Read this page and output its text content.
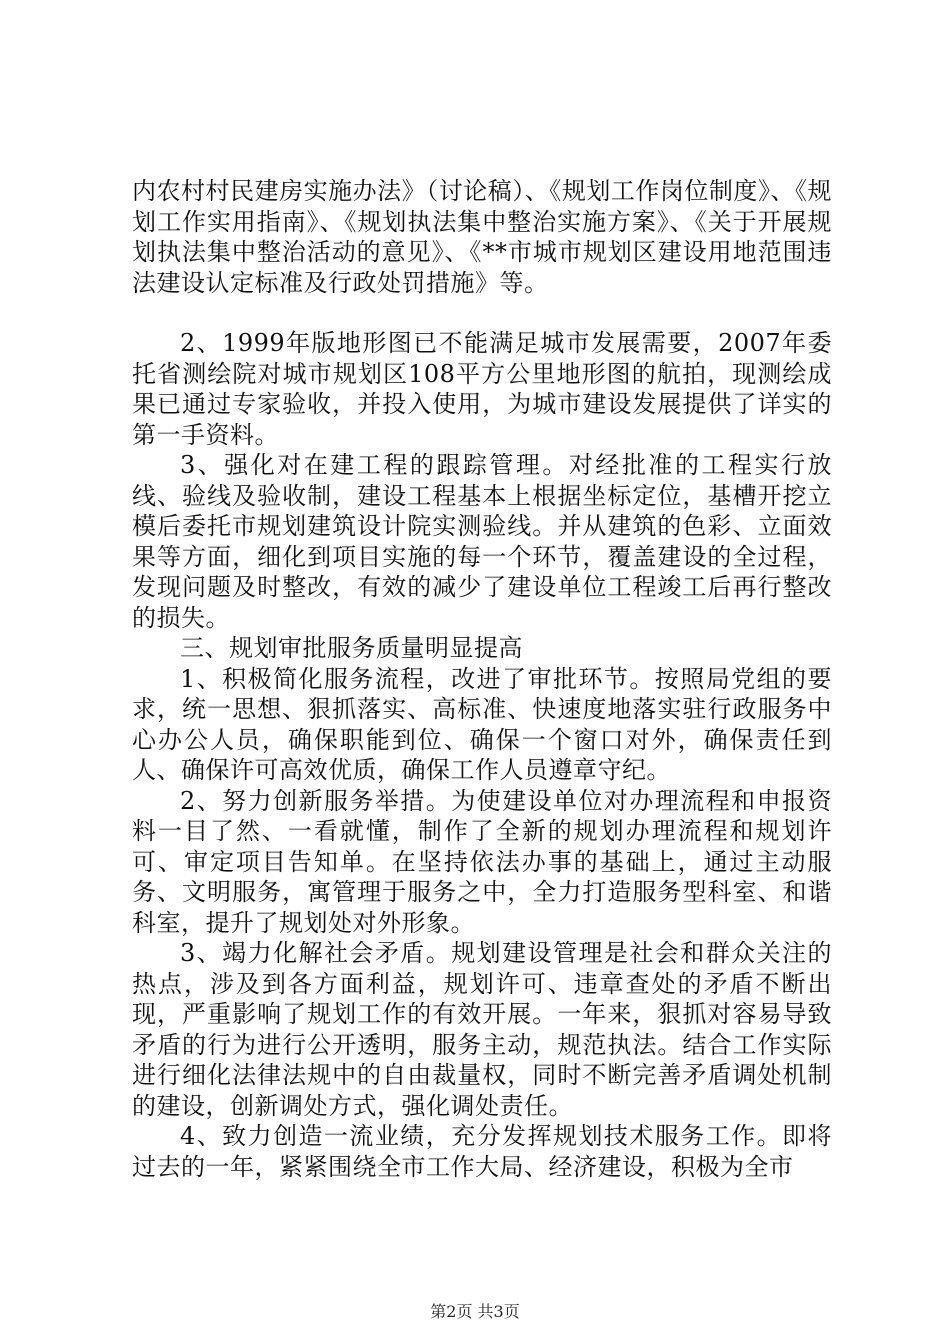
内农村村民建房实施办法》（讨论稿）、《规划工作岗位制度》、《规划工作实用指南》、《规划执法集中整治实施方案》、《关于开展规划执法集中整治活动的意见》、《**市城市规划区建设用地范围违法建设认定标准及行政处罚措施》等。

2、1999年版地形图已不能满足城市发展需要，2007年委托省测绘院对城市规划区108平方公里地形图的航拍，现测绘成果已通过专家验收，并投入使用，为城市建设发展提供了详实的第一手资料。

3、强化对在建工程的跟踪管理。对经批准的工程实行放线、验线及验收制，建设工程基本上根据坐标定位，基槽开挖立模后委托市规划建筑设计院实测验线。并从建筑的色彩、立面效果等方面，细化到项目实施的每一个环节，覆盖建设的全过程，发现问题及时整改，有效的减少了建设单位工程竣工后再行整改的损失。

三、规划审批服务质量明显提高

1、积极简化服务流程，改进了审批环节。按照局党组的要求，统一思想、狠抓落实、高标准、快速度地落实驻行政服务中心办公人员，确保职能到位、确保一个窗口对外，确保责任到人、确保许可高效优质，确保工作人员遵章守纪。

2、努力创新服务举措。为使建设单位对办理流程和申报资料一目了然、一看就懂，制作了全新的规划办理流程和规划许可、审定项目告知单。在坚持依法办事的基础上，通过主动服务、文明服务，寓管理于服务之中，全力打造服务型科室、和谐科室，提升了规划处对外形象。

3、竭力化解社会矛盾。规划建设管理是社会和群众关注的热点，涉及到各方面利益，规划许可、违章查处的矛盾不断出现，严重影响了规划工作的有效开展。一年来，狠抓对容易导致矛盾的行为进行公开透明，服务主动，规范执法。结合工作实际进行细化法律法规中的自由裁量权，同时不断完善矛盾调处机制的建设，创新调处方式，强化调处责任。

4、致力创造一流业绩，充分发挥规划技术服务工作。即将过去的一年，紧紧围绕全市工作大局、经济建设，积极为全市

第2页 共3页
